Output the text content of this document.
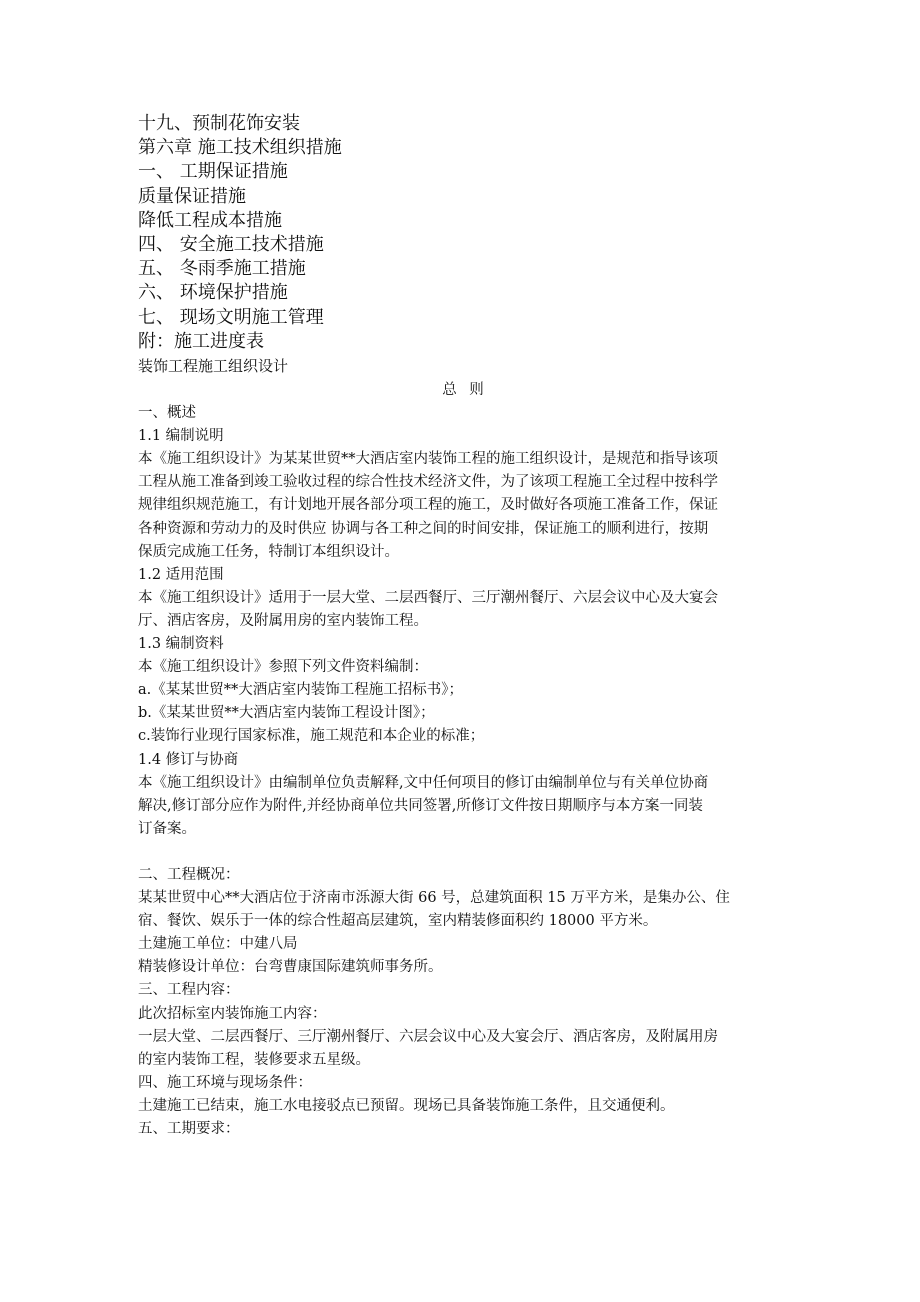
十九、预制花饰安装
第六章 施工技术组织措施
一、 工期保证措施
质量保证措施
降低工程成本措施
四、 安全施工技术措施
五、 冬雨季施工措施
六、 环境保护措施
七、 现场文明施工管理
附：施工进度表
装饰工程施工组织设计
总 则
一、概述
1.1 编制说明
本《施工组织设计》为某某世贸**大酒店室内装饰工程的施工组织设计，是规范和指导该项
工程从施工准备到竣工验收过程的综合性技术经济文件，为了该项工程施工全过程中按科学
规律组织规范施工，有计划地开展各部分项工程的施工，及时做好各项施工准备工作，保证
各种资源和劳动力的及时供应 协调与各工种之间的时间安排，保证施工的顺利进行，按期
保质完成施工任务，特制订本组织设计。
1.2 适用范围
本《施工组织设计》适用于一层大堂、二层西餐厅、三厅潮州餐厅、六层会议中心及大宴会
厅、酒店客房，及附属用房的室内装饰工程。
1.3 编制资料
本《施工组织设计》参照下列文件资料编制：
a.《某某世贸**大酒店室内装饰工程施工招标书》；
b.《某某世贸**大酒店室内装饰工程设计图》；
c.装饰行业现行国家标准，施工规范和本企业的标准；
1.4 修订与协商
本《施工组织设计》由编制单位负责解释,文中任何项目的修订由编制单位与有关单位协商
解决,修订部分应作为附件,并经协商单位共同签署,所修订文件按日期顺序与本方案一同装
订备案。
二、工程概况：
某某世贸中心**大酒店位于济南市泺源大街 66 号，总建筑面积 15 万平方米，是集办公、住
宿、餐饮、娱乐于一体的综合性超高层建筑，室内精装修面积约 18000 平方米。
土建施工单位：中建八局
精装修设计单位：台弯曹康国际建筑师事务所。
三、工程内容：
此次招标室内装饰施工内容：
一层大堂、二层西餐厅、三厅潮州餐厅、六层会议中心及大宴会厅、酒店客房，及附属用房
的室内装饰工程，装修要求五星级。
四、施工环境与现场条件：
土建施工已结束，施工水电接驳点已预留。现场已具备装饰施工条件，且交通便利。
五、工期要求：
